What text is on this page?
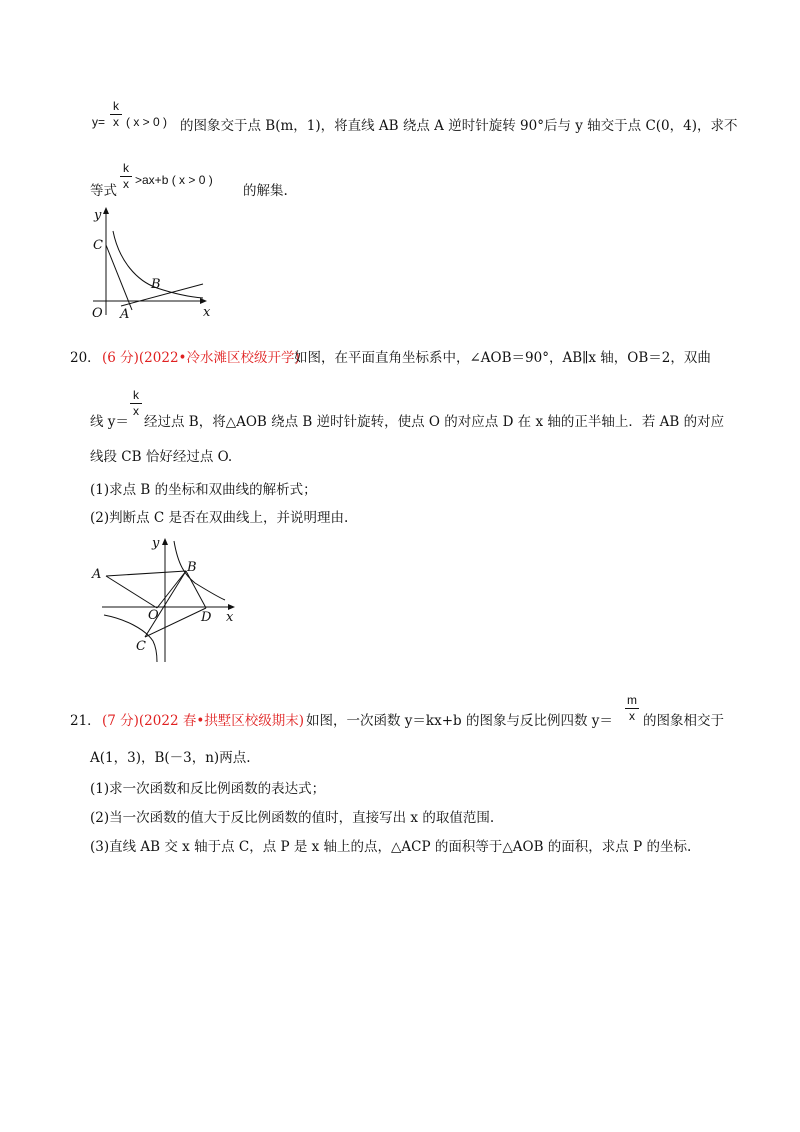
y=
k
x ( x > 0 ) 的图象交于点 B(m，1)，将直线 AB 绕点 A 逆时针旋转 90°后与 y 轴交于点 C(0，4)，求不
等式
k
x >ax+b ( x > 0 )
的解集.
y
C
B
O A	x
20． (6 分)(2022•冷水滩区校级开学)
如图，在平面直角坐标系中，∠AOB＝90°，AB∥x 轴，OB＝2，双曲
k
x
线 y＝ 经过点 B，将△AOB 绕点 B 逆时针旋转，使点 O 的对应点 D 在 x 轴的正半轴上．若 AB 的对应
线段 CB 恰好经过点 O.
(1)求点 B 的坐标和双曲线的解析式；
(2)判断点 C 是否在双曲线上，并说明理由.
y
A	B
O	D x
C
21． (7 分)(2022 春•拱墅区校级期末) 如图，一次函数 y＝kx+b 的图象与反比例四数 y＝
m
x 的图象相交于
A(1，3)，B(－3，n)两点.
(1)求一次函数和反比例函数的表达式；
(2)当一次函数的值大于反比例函数的值时，直接写出 x 的取值范围.
(3)直线 AB 交 x 轴于点 C，点 P 是 x 轴上的点，△ACP 的面积等于△AOB 的面积，求点 P 的坐标.
